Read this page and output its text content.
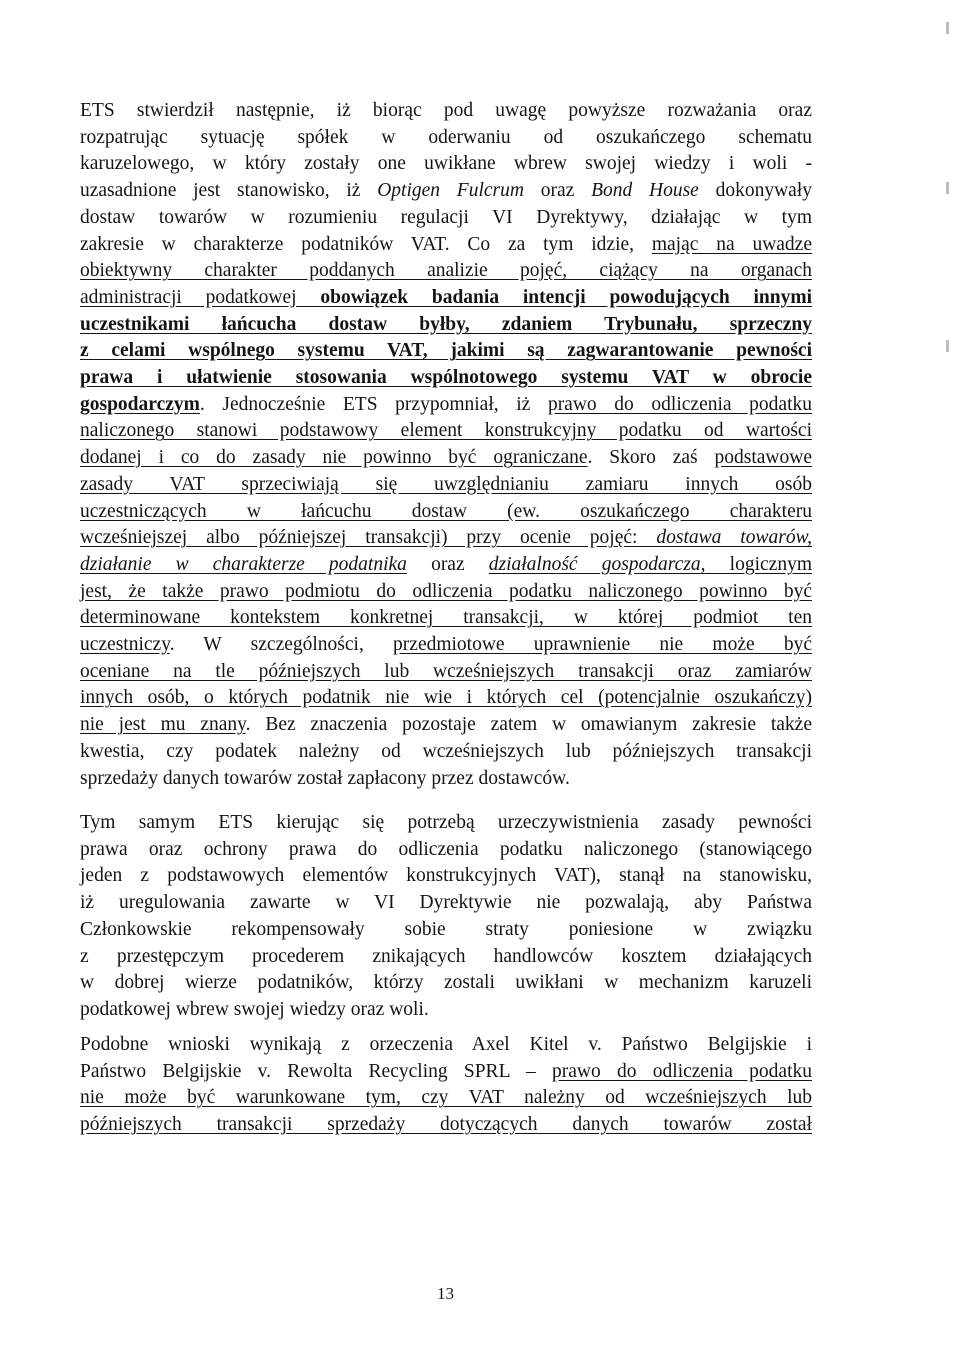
ETS stwierdził następnie, iż biorąc pod uwagę powyższe rozważania oraz
rozpatrując sytuację spółek w oderwaniu od oszukańczego schematu
karuzelowego, w który zostały one uwikłane wbrew swojej wiedzy i woli -
uzasadnione jest stanowisko, iż Optigen Fulcrum oraz Bond House dokonywały
dostaw towarów w rozumieniu regulacji VI Dyrektywy, działając w tym
zakresie w charakterze podatników VAT. Co za tym idzie, mając na uwadze
obiektywny charakter poddanych analizie pojęć, ciążący na organach
administracji podatkowej obowiązek badania intencji powodujących innymi
uczestnikami łańcucha dostaw byłby, zdaniem Trybunału, sprzeczny
z celami wspólnego systemu VAT, jakimi są zagwarantowanie pewności
prawa i ułatwienie stosowania wspólnotowego systemu VAT w obrocie
gospodarczym. Jednocześnie ETS przypomniał, iż prawo do odliczenia podatku
naliczonego stanowi podstawowy element konstrukcyjny podatku od wartości
dodanej i co do zasady nie powinno być ograniczane. Skoro zaś podstawowe
zasady VAT sprzeciwiają się uwzględnianiu zamiaru innych osób
uczestniczących w łańcuchu dostaw (ew. oszukańczego charakteru
wcześniejszej albo późniejszej transakcji) przy ocenie pojęć: dostawa towarów,
działanie w charakterze podatnika oraz działalność gospodarcza, logicznym
jest, że także prawo podmiotu do odliczenia podatku naliczonego powinno być
determinowane kontekstem konkretnej transakcji, w której podmiot ten
uczestniczy. W szczególności, przedmiotowe uprawnienie nie może być
oceniane na tle późniejszych lub wcześniejszych transakcji oraz zamiarów
innych osób, o których podatnik nie wie i których cel (potencjalnie oszukańczy)
nie jest mu znany. Bez znaczenia pozostaje zatem w omawianym zakresie także
kwestia, czy podatek należny od wcześniejszych lub późniejszych transakcji
sprzedaży danych towarów został zapłacony przez dostawców.
Tym samym ETS kierując się potrzebą urzeczywistnienia zasady pewności
prawa oraz ochrony prawa do odliczenia podatku naliczonego (stanowiącego
jeden z podstawowych elementów konstrukcyjnych VAT), stanął na stanowisku,
iż uregulowania zawarte w VI Dyrektywie nie pozwalają, aby Państwa
Członkowskie rekompensowały sobie straty poniesione w związku
z przestępczym procederem znikających handlowców kosztem działających
w dobrej wierze podatników, którzy zostali uwikłani w mechanizm karuzeli
podatkowej wbrew swojej wiedzy oraz woli.
Podobne wnioski wynikają z orzeczenia Axel Kitel v. Państwo Belgijskie i
Państwo Belgijskie v. Rewolta Recycling SPRL – prawo do odliczenia podatku
nie może być warunkowane tym, czy VAT należny od wcześniejszych lub
późniejszych transakcji sprzedaży dotyczących danych towarów został
13
